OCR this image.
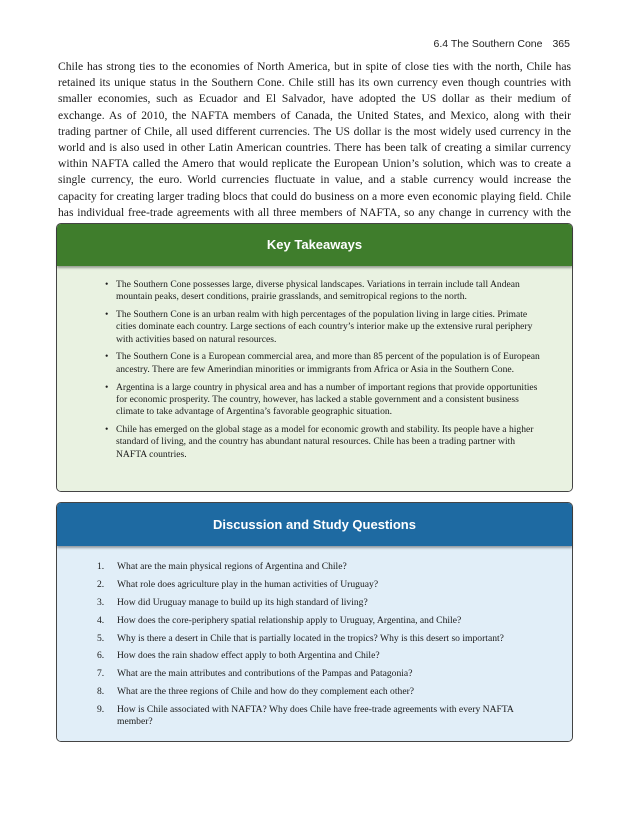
6.4 The Southern Cone 365

Chile has strong ties to the economies of North America, but in spite of close ties with the north, Chile has retained its unique status in the Southern Cone. Chile still has its own currency even though countries with smaller economies, such as Ecuador and El Salvador, have adopted the US dollar as their medium of exchange. As of 2010, the NAFTA members of Canada, the United States, and Mexico, along with their trading partner of Chile, all used different currencies. The US dollar is the most widely used currency in the world and is also used in other Latin American countries. There has been talk of creating a similar currency within NAFTA called the Amero that would replicate the European Union’s solution, which was to create a single currency, the euro. World currencies fluctuate in value, and a stable currency would increase the capacity for creating larger trading blocs that could do business on a more even economic playing field. Chile has individual free-trade agreements with all three members of NAFTA, so any change in currency with the

Key Takeaways
• The Southern Cone possesses large, diverse physical landscapes. Variations in terrain include tall Andean mountain peaks, desert conditions, prairie grasslands, and semitropical regions to the north.
• The Southern Cone is an urban realm with high percentages of the population living in large cities. Primate cities dominate each country. Large sections of each country’s interior make up the extensive rural periphery with activities based on natural resources.
• The Southern Cone is a European commercial area, and more than 85 percent of the population is of European ancestry. There are few Amerindian minorities or immigrants from Africa or Asia in the Southern Cone.
• Argentina is a large country in physical area and has a number of important regions that provide opportunities for economic prosperity. The country, however, has lacked a stable government and a consistent business climate to take advantage of Argentina’s favorable geographic situation.
• Chile has emerged on the global stage as a model for economic growth and stability. Its people have a higher standard of living, and the country has abundant natural resources. Chile has been a trading partner with NAFTA countries.
Discussion and Study Questions
1. What are the main physical regions of Argentina and Chile?
2. What role does agriculture play in the human activities of Uruguay?
3. How did Uruguay manage to build up its high standard of living?
4. How does the core-periphery spatial relationship apply to Uruguay, Argentina, and Chile?
5. Why is there a desert in Chile that is partially located in the tropics? Why is this desert so important?
6. How does the rain shadow effect apply to both Argentina and Chile?
7. What are the main attributes and contributions of the Pampas and Patagonia?
8. What are the three regions of Chile and how do they complement each other?
9. How is Chile associated with NAFTA? Why does Chile have free-trade agreements with every NAFTA member?
